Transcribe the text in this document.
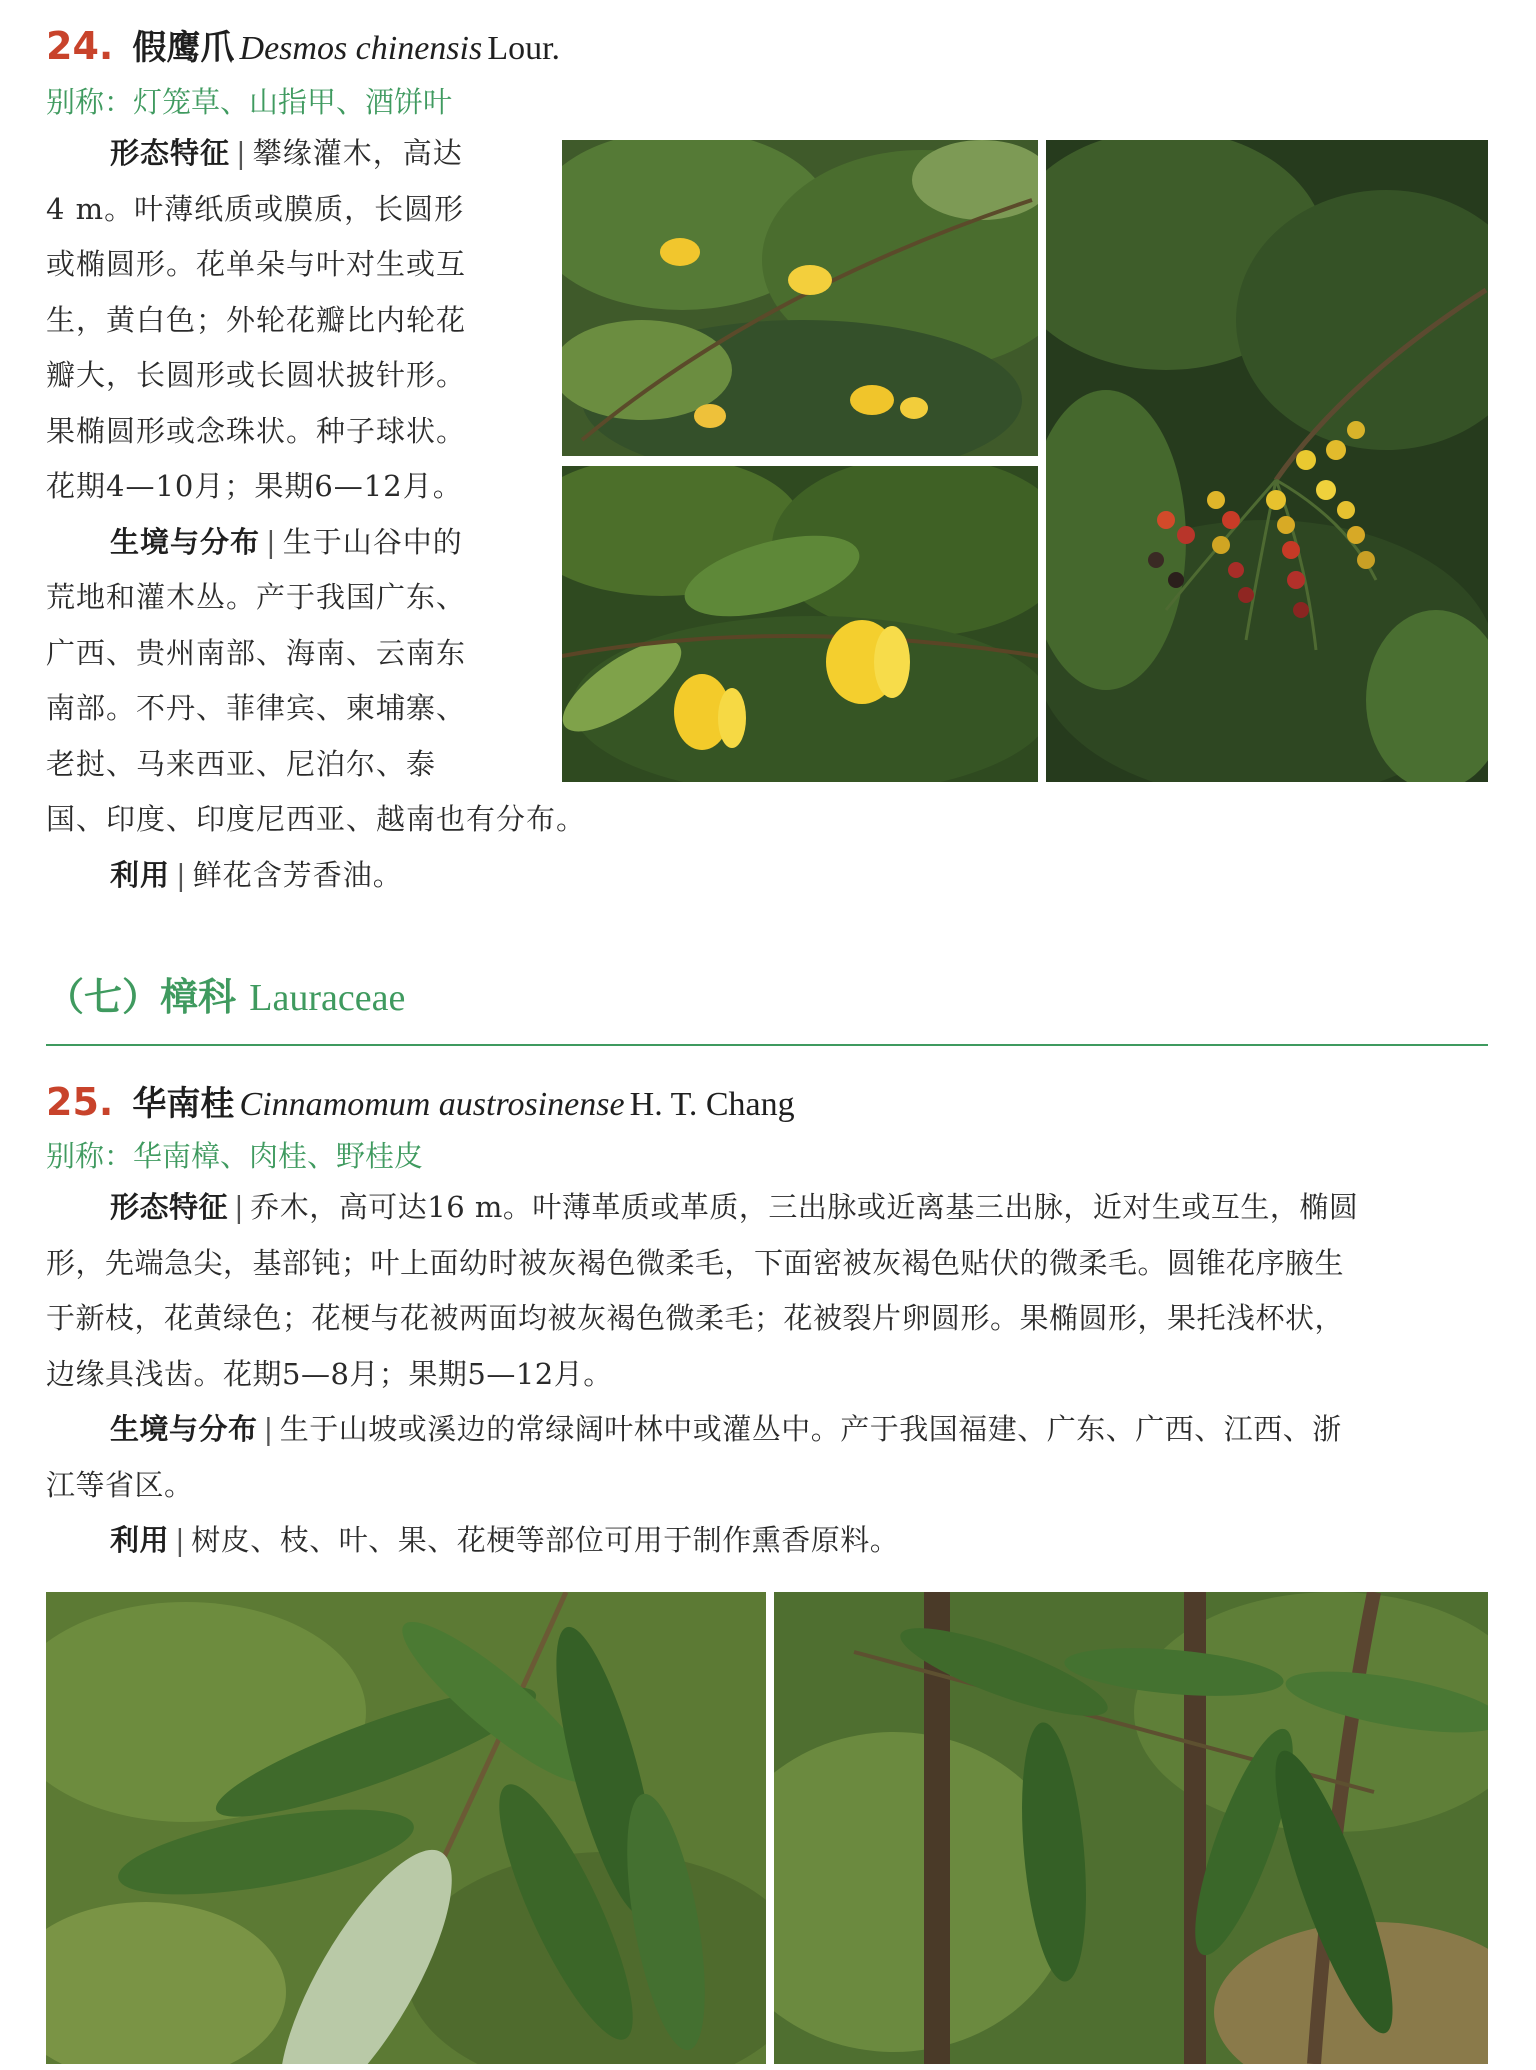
24. 假鹰爪 Desmos chinensis Lour.
别称：灯笼草、山指甲、酒饼叶
形态特征 | 攀缘灌木，高达
4 m。叶薄纸质或膜质，长圆形
或椭圆形。花单朵与叶对生或互
生，黄白色；外轮花瓣比内轮花
瓣大，长圆形或长圆状披针形。
果椭圆形或念珠状。种子球状。
花期4—10月；果期6—12月。
生境与分布 | 生于山谷中的
荒地和灌木丛。产于我国广东、
广西、贵州南部、海南、云南东
南部。不丹、菲律宾、柬埔寨、
老挝、马来西亚、尼泊尔、泰
国、印度、印度尼西亚、越南也有分布。
利用 | 鲜花含芳香油。
（七）樟科 Lauraceae
25. 华南桂 Cinnamomum austrosinense H. T. Chang
别称：华南樟、肉桂、野桂皮
形态特征 | 乔木，高可达16 m。叶薄革质或革质，三出脉或近离基三出脉，近对生或互生，椭圆
形，先端急尖，基部钝；叶上面幼时被灰褐色微柔毛，下面密被灰褐色贴伏的微柔毛。圆锥花序腋生
于新枝，花黄绿色；花梗与花被两面均被灰褐色微柔毛；花被裂片卵圆形。果椭圆形，果托浅杯状，
边缘具浅齿。花期5—8月；果期5—12月。
生境与分布 | 生于山坡或溪边的常绿阔叶林中或灌丛中。产于我国福建、广东、广西、江西、浙
江等省区。
利用 | 树皮、枝、叶、果、花梗等部位可用于制作熏香原料。
